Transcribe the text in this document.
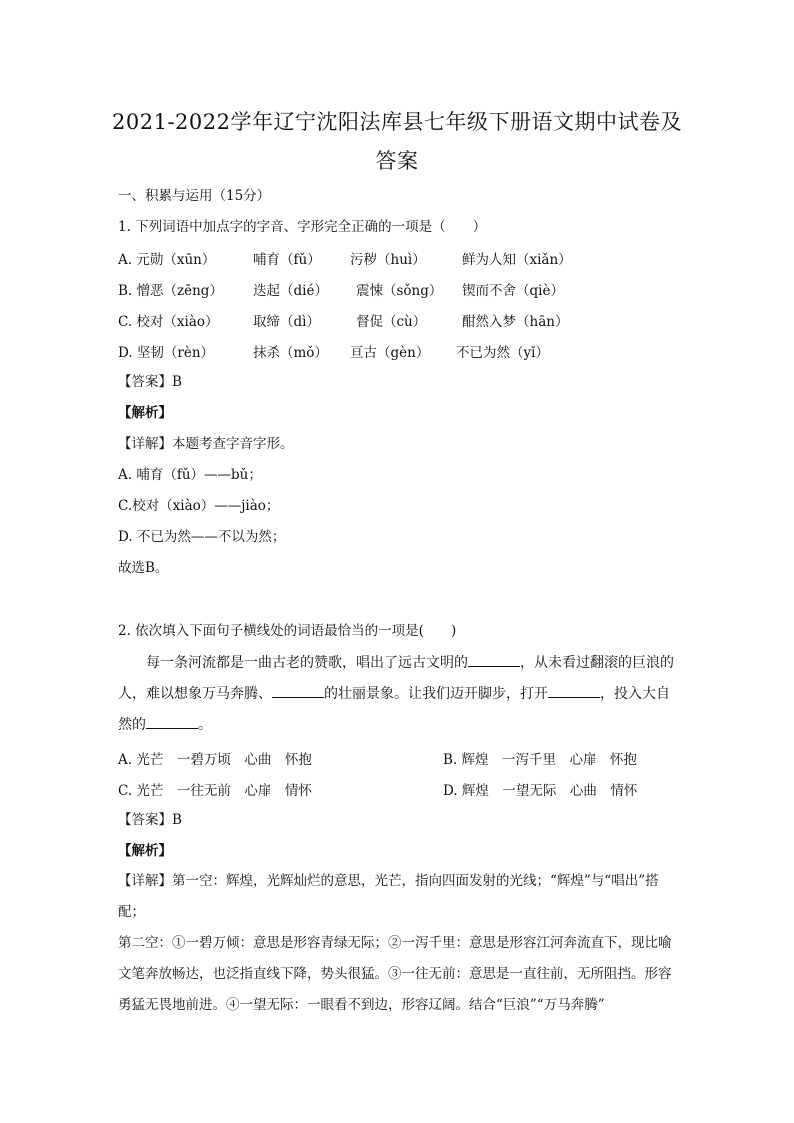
2021-2022学年辽宁沈阳法库县七年级下册语文期中试卷及
答案
一、积累与运用（15分）
1. 下列词语中加点字的字音、字形完全正确的一项是（　　）
A. 元勋（xūn）	哺育（fǔ） 污秽（huì）	鲜为人知（xiǎn）
B. 憎恶（zēng） 迭起（dié） 震悚（sǒng） 锲而不舍（qiè）
C. 校对（xiào）	取缔（dì）	督促（cù）	酣然入梦（hān）
D. 坚韧（rèn）	抹杀（mǒ） 亘古（gèn） 不已为然（yǐ）
【答案】B
【解析】
【详解】本题考查字音字形。
A. 哺育（fǔ）——bǔ；
C.校对（xiào）——jiào；
D. 不已为然——不以为然；
故选B。
2. 依次填入下面句子横线处的词语最恰当的一项是(　　)
每一条河流都是一曲古老的赞歌，唱出了远古文明的	，从未看过翻滚的巨浪的人，难以想象万马奔腾、	的壮丽景象。让我们迈开脚步，打开	，投入大自然的	。
A. 光芒　一碧万顷　心曲　怀抱	B. 辉煌　一泻千里　心扉　怀抱
C. 光芒　一往无前　心扉　情怀	D. 辉煌　一望无际　心曲　情怀
【答案】B
【解析】
【详解】第一空：辉煌，光辉灿烂的意思，光芒，指向四面发射的光线；“辉煌”与“唱出”搭配；
第二空：①一碧万倾：意思是形容青绿无际；②一泻千里：意思是形容江河奔流直下，现比喻文笔奔放畅达，也泛指直线下降，势头很猛。③一往无前：意思是一直往前，无所阻挡。形容勇猛无畏地前进。④一望无际：一眼看不到边，形容辽阔。结合“巨浪”“万马奔腾”
